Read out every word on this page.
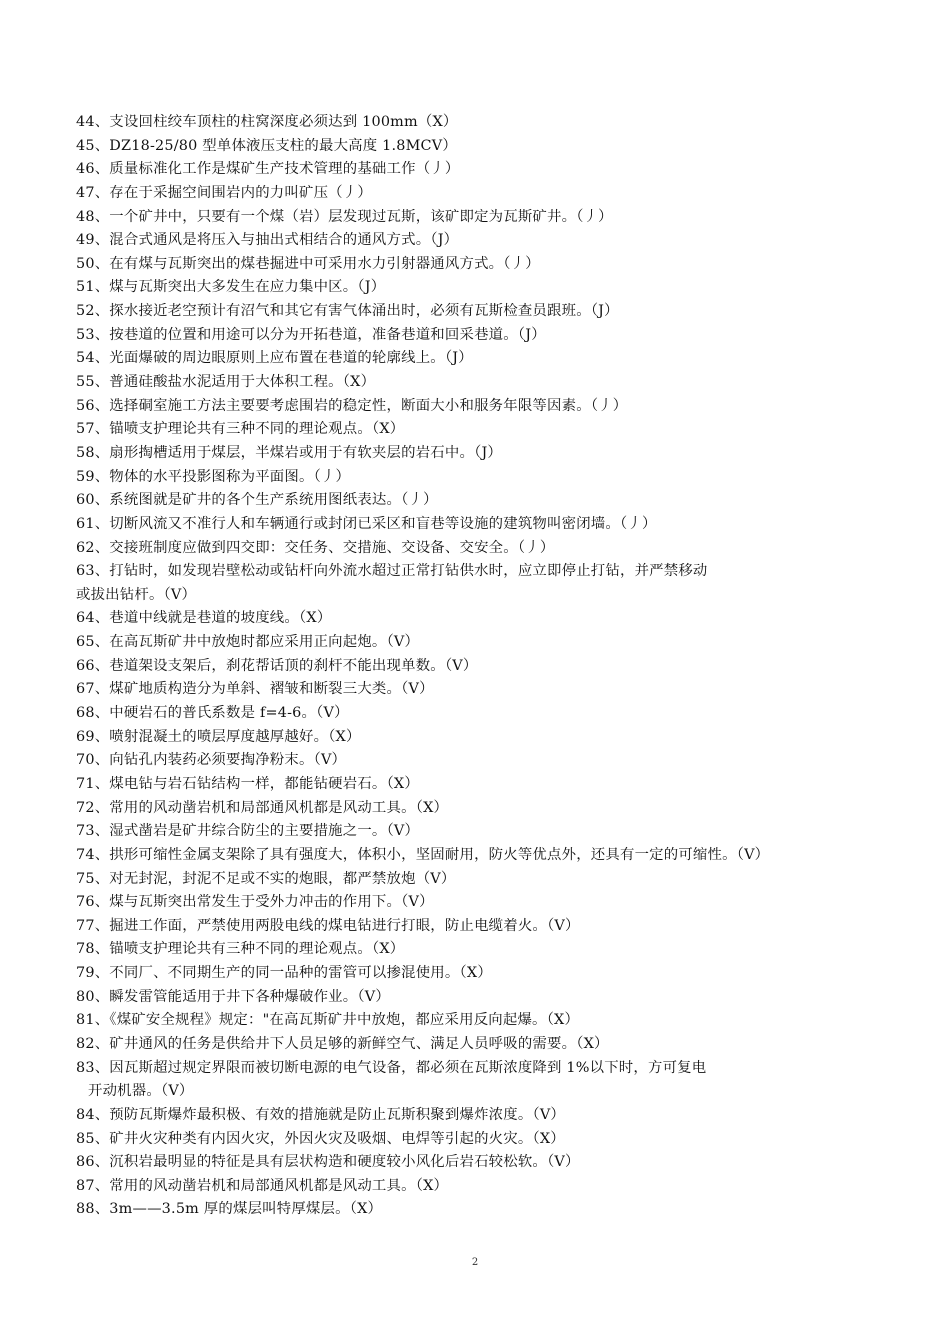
44、支设回柱绞车顶柱的柱窝深度必须达到 100mm（X）
45、DZ18-25/80 型单体液压支柱的最大高度 1.8MCV）
46、质量标准化工作是煤矿生产技术管理的基础工作（丿）
47、存在于采掘空间围岩内的力叫矿压（丿）
48、一个矿井中，只要有一个煤（岩）层发现过瓦斯，该矿即定为瓦斯矿井。（丿）
49、混合式通风是将压入与抽出式相结合的通风方式。（J）
50、在有煤与瓦斯突出的煤巷掘进中可采用水力引射器通风方式。（丿）
51、煤与瓦斯突出大多发生在应力集中区。（J）
52、探水接近老空预计有沼气和其它有害气体涌出时，必须有瓦斯检查员跟班。（J）
53、按巷道的位置和用途可以分为开拓巷道，准备巷道和回采巷道。（J）
54、光面爆破的周边眼原则上应布置在巷道的轮廓线上。（J）
55、普通硅酸盐水泥适用于大体积工程。（X）
56、选择硐室施工方法主要要考虑围岩的稳定性，断面大小和服务年限等因素。（丿）
57、锚喷支护理论共有三种不同的理论观点。（X）
58、扇形掏槽适用于煤层，半煤岩或用于有软夹层的岩石中。（J）
59、物体的水平投影图称为平面图。（丿）
60、系统图就是矿井的各个生产系统用图纸表达。（丿）
61、切断风流又不准行人和车辆通行或封闭已采区和盲巷等设施的建筑物叫密闭墙。（丿）
62、交接班制度应做到四交即：交任务、交措施、交设备、交安全。（丿）
63、打钻时，如发现岩壁松动或钻杆向外流水超过正常打钻供水时，应立即停止打钻，并严禁移动
或拔出钻杆。（V）
64、巷道中线就是巷道的坡度线。（X）
65、在高瓦斯矿井中放炮时都应采用正向起炮。（V）
66、巷道架设支架后，刹花帮话顶的刹杆不能出现单数。（V）
67、煤矿地质构造分为单斜、褶皱和断裂三大类。（V）
68、中硬岩石的普氏系数是 f=4-6。（V）
69、喷射混凝土的喷层厚度越厚越好。（X）
70、向钻孔内装药必须要掏净粉末。（V）
71、煤电钻与岩石钻结构一样，都能钻硬岩石。（X）
72、常用的风动凿岩机和局部通风机都是风动工具。（X）
73、湿式凿岩是矿井综合防尘的主要措施之一。（V）
74、拱形可缩性金属支架除了具有强度大，体积小，坚固耐用，防火等优点外，还具有一定的可缩性。（V）
75、对无封泥，封泥不足或不实的炮眼，都严禁放炮（V）
76、煤与瓦斯突出常发生于受外力冲击的作用下。（V）
77、掘进工作面，严禁使用两股电线的煤电钻进行打眼，防止电缆着火。（V）
78、锚喷支护理论共有三种不同的理论观点。（X）
79、不同厂、不同期生产的同一品种的雷管可以掺混使用。（X）
80、瞬发雷管能适用于井下各种爆破作业。（V）
81、《煤矿安全规程》规定："在高瓦斯矿井中放炮，都应采用反向起爆。（X）
82、矿井通风的任务是供给井下人员足够的新鲜空气、满足人员呼吸的需要。（X）
83、因瓦斯超过规定界限而被切断电源的电气设备，都必须在瓦斯浓度降到 1%以下时，方可复电
开动机器。（V）
84、预防瓦斯爆炸最积极、有效的措施就是防止瓦斯积聚到爆炸浓度。（V）
85、矿井火灾种类有内因火灾，外因火灾及吸烟、电焊等引起的火灾。（X）
86、沉积岩最明显的特征是具有层状构造和硬度较小风化后岩石较松软。（V）
87、常用的风动凿岩机和局部通风机都是风动工具。（X）
88、3m——3.5m 厚的煤层叫特厚煤层。（X）
2
